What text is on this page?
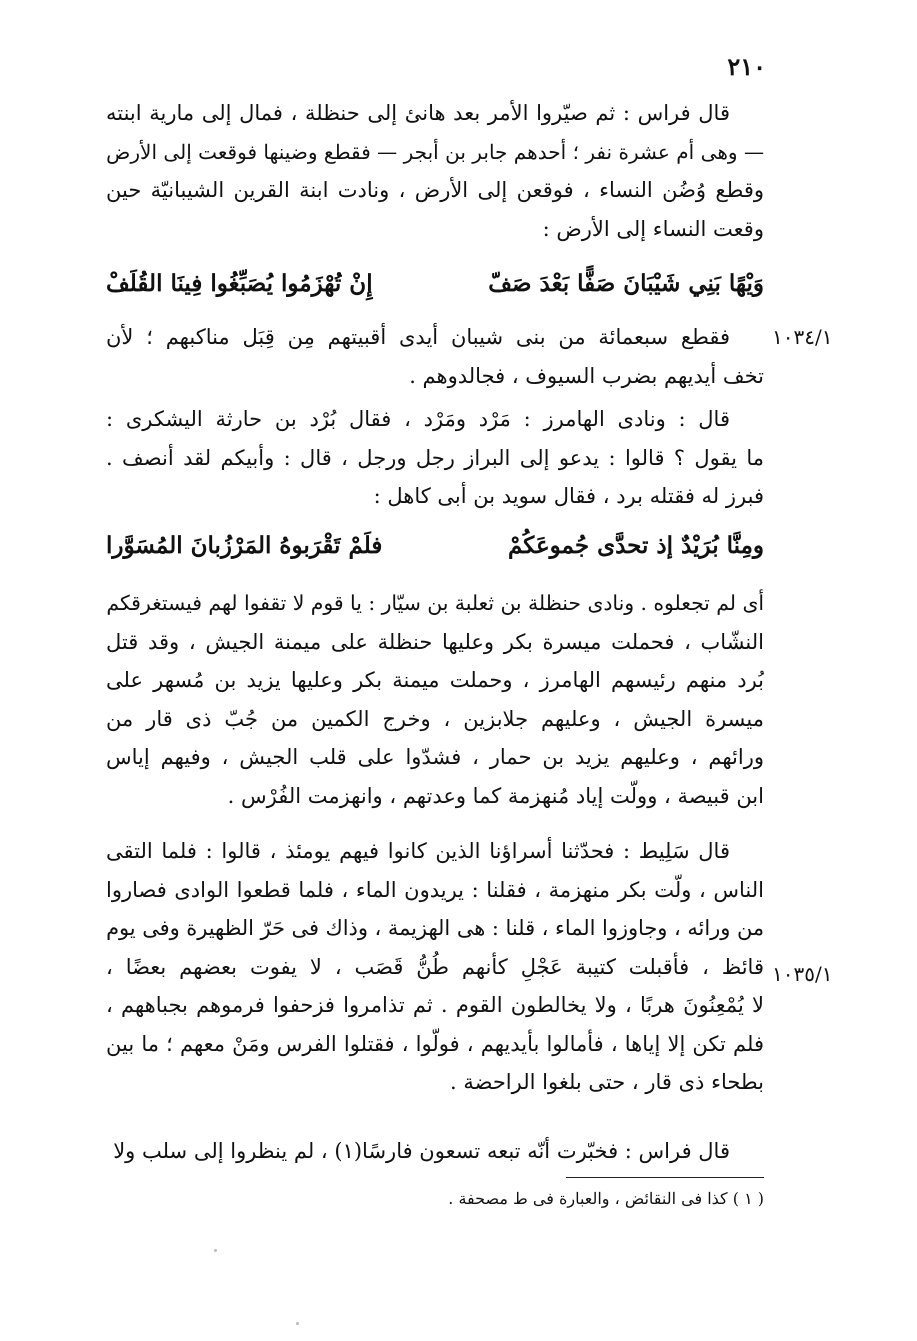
٢١٠
قال فراس : ثم صيّروا الأمر بعد هانئ إلى حنظلة ، فمال إلى مارية ابنته
— وهى أم عشرة نفر ؛ أحدهم جابر بن أبجر — فقطع وضينها فوقعت إلى الأرض
وقطع وُضُن النساء ، فوقعن إلى الأرض ، ونادت ابنة القرين الشيبانيّة حين
وقعت النساء إلى الأرض :
وَيْهًا بَنِي شَيْبَانَ صَفًّا بَعْدَ صَفّ
إِنْ تُهْزَمُوا يُصَبِّغُوا فِينَا القُلَفْ
فقطع سبعمائة من بنى شيبان أيدى أقبيتهم مِن قِبَل مناكبهم ؛ لأن
تخف أيديهم بضرب السيوف ، فجالدوهم .
١٠٣٤/١
قال : ونادى الهامرز : مَرْد ومَرْد ، فقال بُرْد بن حارثة اليشكرى :
ما يقول ؟ قالوا : يدعو إلى البراز رجل ورجل ، قال : وأبيكم لقد أنصف .
فبرز له فقتله برد ، فقال سويد بن أبى كاهل :
ومِنَّا بُرَيْدٌ إذ تحدَّى جُموعَكُمْ
فلَمْ تَقْرَبوهُ المَرْزُبانَ المُسَوَّرا
أى لم تجعلوه . ونادى حنظلة بن ثعلبة بن سيّار : يا قوم لا تقفوا لهم فيستغرقكم
النشّاب ، فحملت ميسرة بكر وعليها حنظلة على ميمنة الجيش ، وقد قتل
بُرد منهم رئيسهم الهامرز ، وحملت ميمنة بكر وعليها يزيد بن مُسهر على
ميسرة الجيش ، وعليهم جلابزين ، وخرج الكمين من جُبّ ذى قار من
ورائهم ، وعليهم يزيد بن حمار ، فشدّوا على قلب الجيش ، وفيهم إياس
ابن قبيصة ، وولّت إياد مُنهزمة كما وعدتهم ، وانهزمت الفُرْس .
قال سَلِيط : فحدّثنا أسراؤنا الذين كانوا فيهم يومئذ ، قالوا : فلما التقى
الناس ، ولّت بكر منهزمة ، فقلنا : يريدون الماء ، فلما قطعوا الوادى فصاروا
من ورائه ، وجاوزوا الماء ، قلنا : هى الهزيمة ، وذاك فى حَرّ الظهيرة وفى يوم
قائظ ، فأقبلت كتيبة عَجْلِ كأنهم طُنُّ قَصَب ، لا يفوت بعضهم بعضًا ،
لا يُمْعِنُونَ هربًا ، ولا يخالطون القوم . ثم تذامروا فزحفوا فرموهم بجباههم ،
فلم تكن إلا إياها ، فأمالوا بأيديهم ، فولّوا ، فقتلوا الفرس ومَنْ معهم ؛ ما بين
بطحاء ذى قار ، حتى بلغوا الراحضة .
١٠٣٥/١
قال فراس : فخبّرت أنّه تبعه تسعون فارسًا(١) ، لم ينظروا إلى سلب ولا
( ١ ) كذا فى النقائض ، والعبارة فى ط مصحفة .
